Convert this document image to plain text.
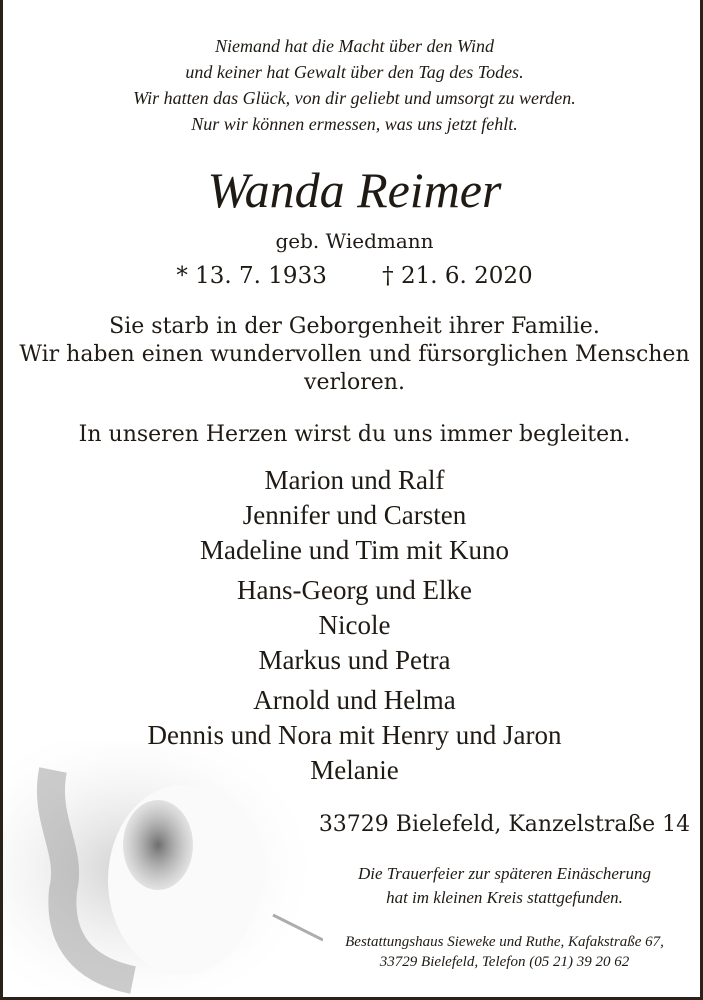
Niemand hat die Macht über den Wind
und keiner hat Gewalt über den Tag des Todes.
Wir hatten das Glück, von dir geliebt und umsorgt zu werden.
Nur wir können ermessen, was uns jetzt fehlt.
Wanda Reimer
geb. Wiedmann
* 13. 7. 1933 † 21. 6. 2020
Sie starb in der Geborgenheit ihrer Familie.
Wir haben einen wundervollen und fürsorglichen Menschen
verloren.
In unseren Herzen wirst du uns immer begleiten.
Marion und Ralf
Jennifer und Carsten
Madeline und Tim mit Kuno
Hans-Georg und Elke
Nicole
Markus und Petra
Arnold und Helma
Dennis und Nora mit Henry und Jaron
Melanie
33729 Bielefeld, Kanzelstraße 14
Die Trauerfeier zur späteren Einäscherung
hat im kleinen Kreis stattgefunden.
Bestattungshaus Sieweke und Ruthe, Kafakstraße 67,
33729 Bielefeld, Telefon (05 21) 39 20 62
